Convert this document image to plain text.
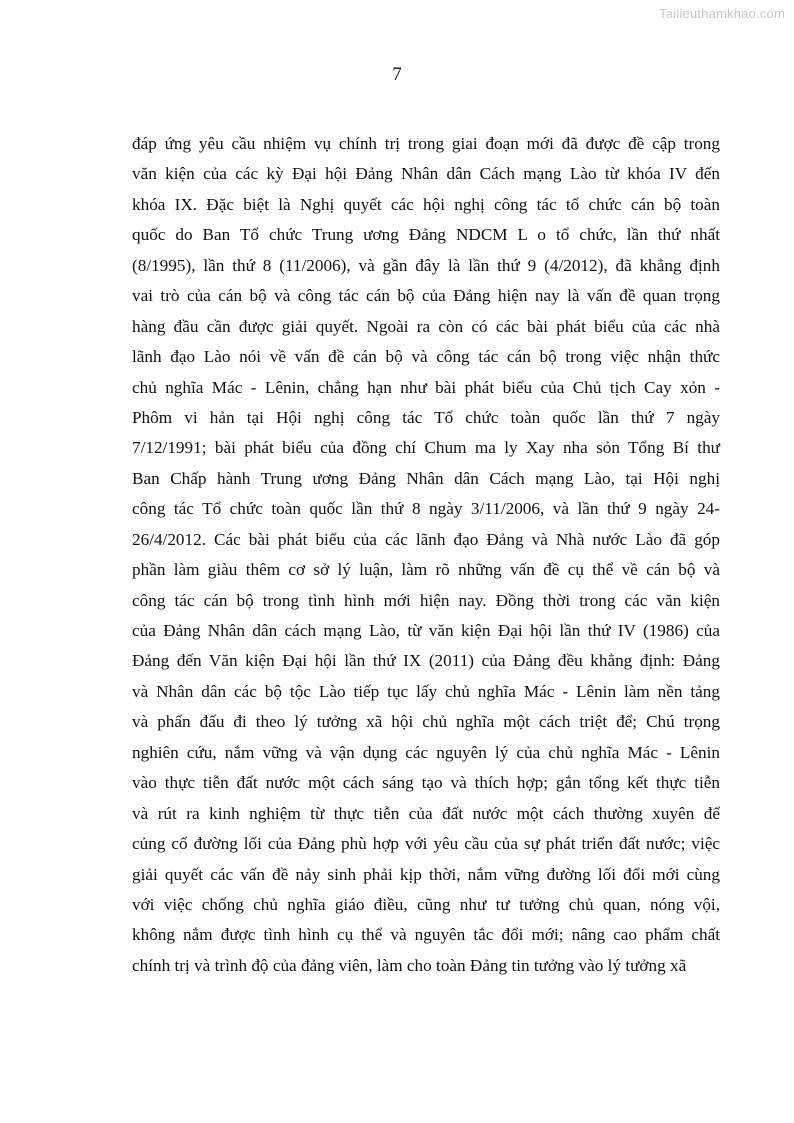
Tailieuthamkhao.com
7
đáp ứng yêu cầu nhiệm vụ chính trị trong giai đoạn mới đã được đề cập trong
văn kiện của các kỳ Đại hội Đảng Nhân dân Cách mạng Lào từ khóa IV đến
khóa IX. Đặc biệt là Nghị quyết các hội nghị công tác tổ chức cán bộ toàn
quốc do Ban Tổ chức Trung ương Đảng NDCM L o tổ chức, lần thứ nhất
(8/1995), lần thứ 8 (11/2006), và gần đây là lần thứ 9 (4/2012), đã khẳng định
vai trò của cán bộ và công tác cán bộ của Đảng hiện nay là vấn đề quan trọng
hàng đầu cần được giải quyết. Ngoài ra còn có các bài phát biểu của các nhà
lãnh đạo Lào nói về vấn đề cán bộ và công tác cán bộ trong việc nhận thức
chủ nghĩa Mác - Lênin, chẳng hạn như bài phát biểu của Chủ tịch Cay xỏn -
Phôm vi hản tại Hội nghị công tác Tổ chức toàn quốc lần thứ 7 ngày
7/12/1991; bài phát biểu của đồng chí Chum ma ly Xay nha sỏn Tổng Bí thư
Ban Chấp hành Trung ương Đảng Nhân dân Cách mạng Lào, tại Hội nghị
công tác Tổ chức toàn quốc lần thứ 8 ngày 3/11/2006, và lần thứ 9 ngày 24-
26/4/2012. Các bài phát biểu của các lãnh đạo Đảng và Nhà nước Lào đã góp
phần làm giàu thêm cơ sở lý luận, làm rõ những vấn đề cụ thể về cán bộ và
công tác cán bộ trong tình hình mới hiện nay. Đồng thời trong các văn kiện
của Đảng Nhân dân cách mạng Lào, từ văn kiện Đại hội lần thứ IV (1986) của
Đảng đến Văn kiện Đại hội lần thứ IX (2011) của Đảng đều khẳng định: Đảng
và Nhân dân các bộ tộc Lào tiếp tục lấy chủ nghĩa Mác - Lênin làm nền tảng
và phấn đấu đi theo lý tưởng xã hội chủ nghĩa một cách triệt để; Chú trọng
nghiên cứu, nắm vững và vận dụng các nguyên lý của chủ nghĩa Mác - Lênin
vào thực tiễn đất nước một cách sáng tạo và thích hợp; gắn tổng kết thực tiễn
và rút ra kinh nghiệm từ thực tiễn của đất nước một cách thường xuyên để
củng cố đường lối của Đảng phù hợp với yêu cầu của sự phát triển đất nước; việc
giải quyết các vấn đề nảy sinh phải kịp thời, nắm vững đường lối đổi mới cùng
với việc chống chủ nghĩa giáo điều, cũng như tư tưởng chủ quan, nóng vội,
không nắm được tình hình cụ thể và nguyên tắc đổi mới; nâng cao phẩm chất
chính trị và trình độ của đảng viên, làm cho toàn Đảng tin tưởng vào lý tưởng xã
